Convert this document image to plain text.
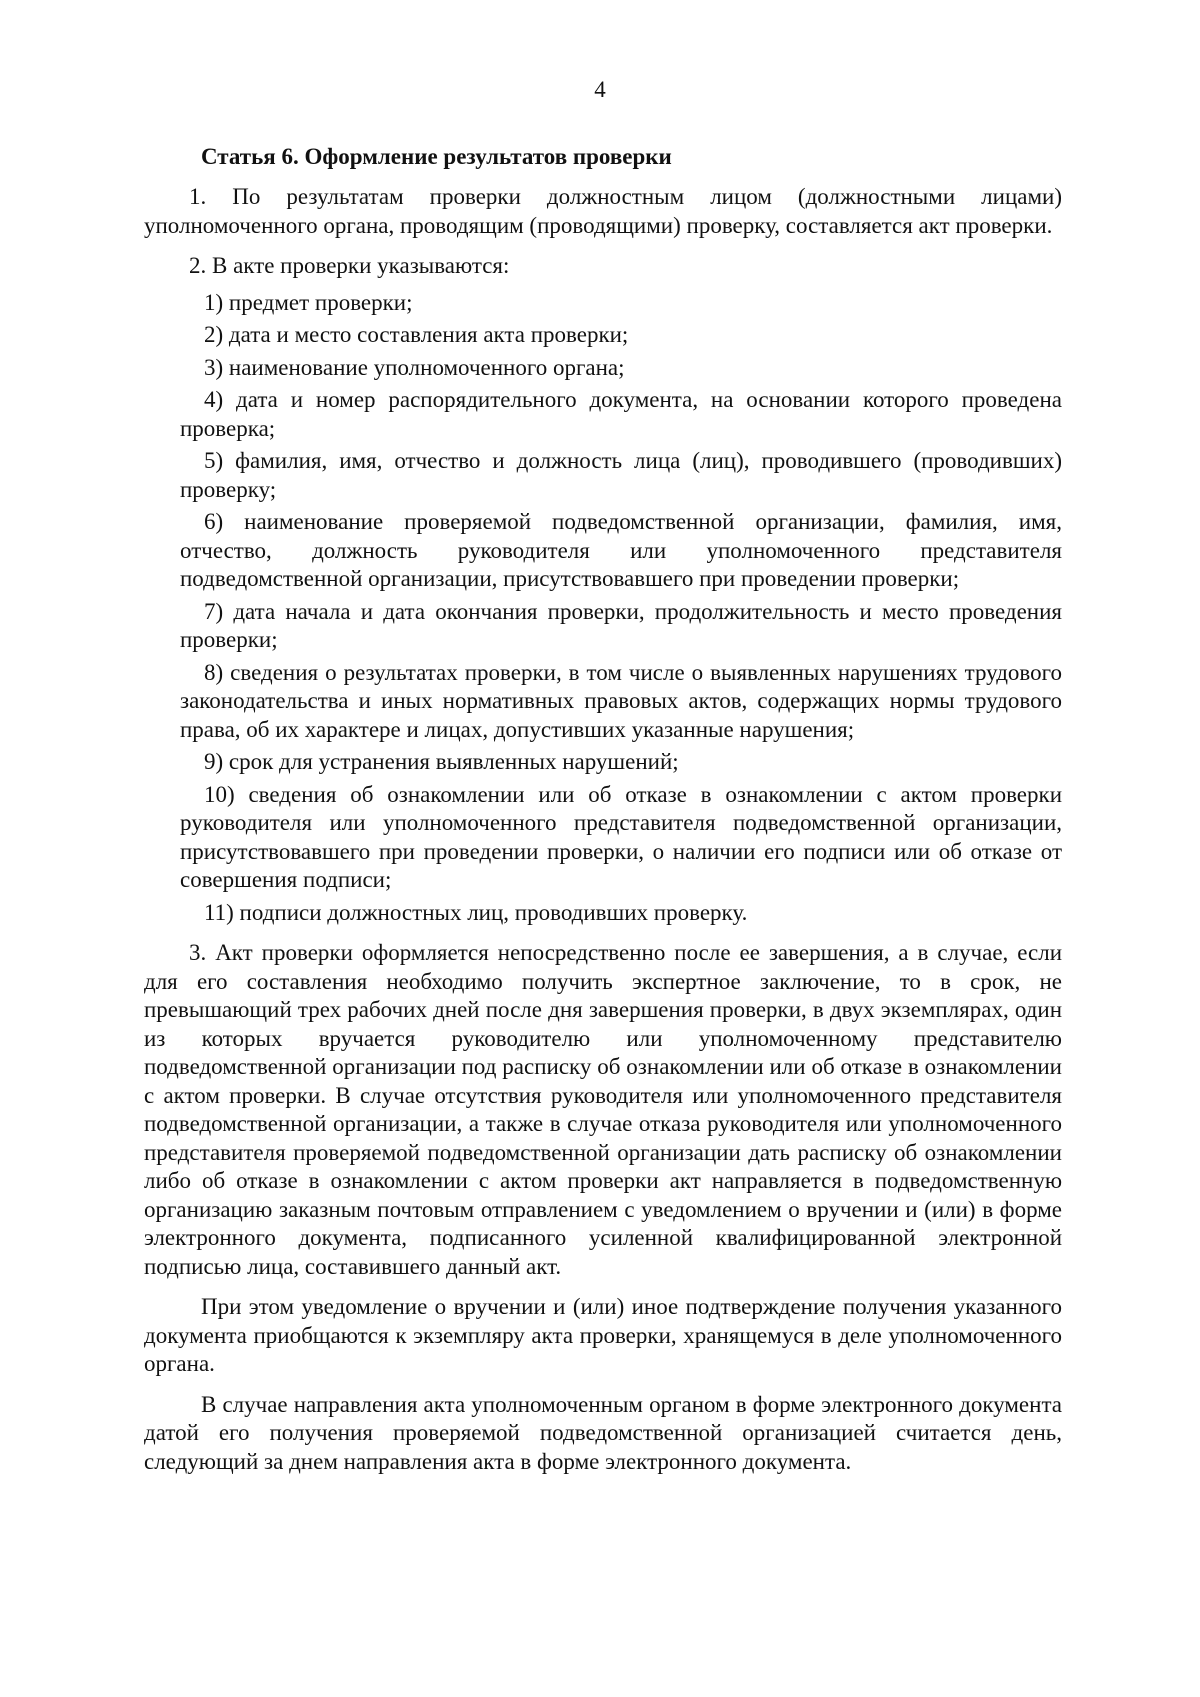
4
Статья 6. Оформление результатов проверки

1. По результатам проверки должностным лицом (должностными лицами) уполномоченного органа, проводящим (проводящими) проверку, составляется акт проверки.

2. В акте проверки указываются:

1) предмет проверки;

2) дата и место составления акта проверки;

3) наименование уполномоченного органа;

4) дата и номер распорядительного документа, на основании которого проведена проверка;

5) фамилия, имя, отчество и должность лица (лиц), проводившего (проводивших) проверку;

6) наименование проверяемой подведомственной организации, фамилия, имя, отчество, должность руководителя или уполномоченного представителя подведомственной организации, присутствовавшего при проведении проверки;

7) дата начала и дата окончания проверки, продолжительность и место проведения проверки;

8) сведения о результатах проверки, в том числе о выявленных нарушениях трудового законодательства и иных нормативных правовых актов, содержащих нормы трудового права, об их характере и лицах, допустивших указанные нарушения;

9) срок для устранения выявленных нарушений;

10) сведения об ознакомлении или об отказе в ознакомлении с актом проверки руководителя или уполномоченного представителя подведомственной организации, присутствовавшего при проведении проверки, о наличии его подписи или об отказе от совершения подписи;

11) подписи должностных лиц, проводивших проверку.

3. Акт проверки оформляется непосредственно после ее завершения, а в случае, если для его составления необходимо получить экспертное заключение, то в срок, не превышающий трех рабочих дней после дня завершения проверки, в двух экземплярах, один из которых вручается руководителю или уполномоченному представителю подведомственной организации под расписку об ознакомлении или об отказе в ознакомлении с актом проверки. В случае отсутствия руководителя или уполномоченного представителя подведомственной организации, а также в случае отказа руководителя или уполномоченного представителя проверяемой подведомственной организации дать расписку об ознакомлении либо об отказе в ознакомлении с актом проверки акт направляется в подведомственную организацию заказным почтовым отправлением с уведомлением о вручении и (или) в форме электронного документа, подписанного усиленной квалифицированной электронной подписью лица, составившего данный акт.

При этом уведомление о вручении и (или) иное подтверждение получения указанного документа приобщаются к экземпляру акта проверки, хранящемуся в деле уполномоченного органа.

В случае направления акта уполномоченным органом в форме электронного документа датой его получения проверяемой подведомственной организацией считается день, следующий за днем направления акта в форме электронного документа.
